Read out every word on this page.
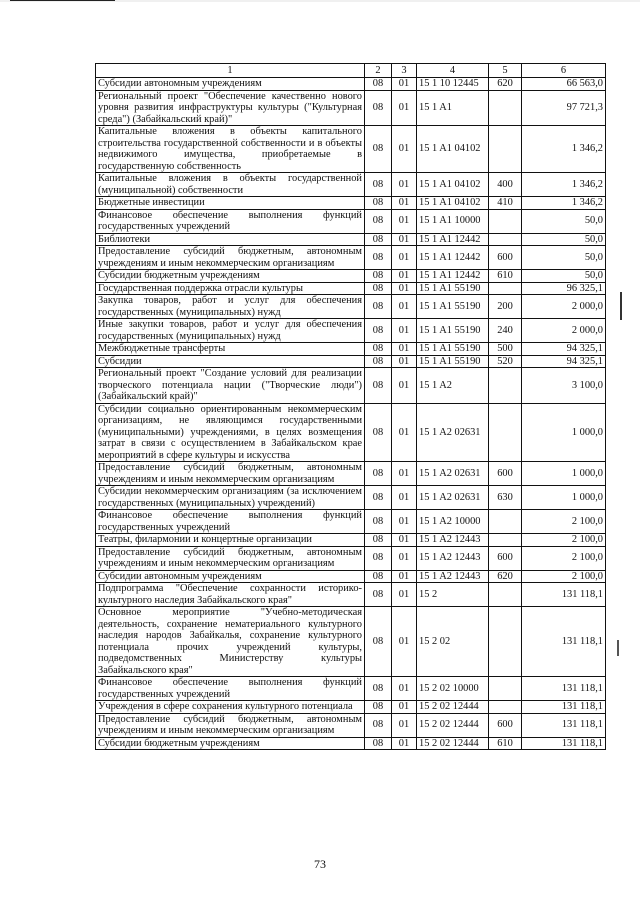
1	2	3	4	5	6
Субсидии автономным учреждениям	08	01	15 1 10 12445	620	66 563,0
Региональный проект "Обеспечение качественно нового уровня развития инфраструктуры культуры ("Культурная среда") (Забайкальский край)"	08	01	15 1 A1		97 721,3
Капитальные вложения в объекты капитального строительства государственной собственности и в объекты недвижимого имущества, приобретаемые в государственную собственность	08	01	15 1 A1 04102		1 346,2
Капитальные вложения в объекты государственной (муниципальной) собственности	08	01	15 1 A1 04102	400	1 346,2
Бюджетные инвестиции	08	01	15 1 A1 04102	410	1 346,2
Финансовое обеспечение выполнения функций государственных учреждений	08	01	15 1 A1 10000		50,0
Библиотеки	08	01	15 1 A1 12442		50,0
Предоставление субсидий бюджетным, автономным учреждениям и иным некоммерческим организациям	08	01	15 1 A1 12442	600	50,0
Субсидии бюджетным учреждениям	08	01	15 1 A1 12442	610	50,0
Государственная поддержка отрасли культуры	08	01	15 1 A1 55190		96 325,1
Закупка товаров, работ и услуг для обеспечения государственных (муниципальных) нужд	08	01	15 1 A1 55190	200	2 000,0
Иные закупки товаров, работ и услуг для обеспечения государственных (муниципальных) нужд	08	01	15 1 A1 55190	240	2 000,0
Межбюджетные трансферты	08	01	15 1 A1 55190	500	94 325,1
Субсидии	08	01	15 1 A1 55190	520	94 325,1
Региональный проект "Создание условий для реализации творческого потенциала нации ("Творческие люди") (Забайкальский край)"	08	01	15 1 A2		3 100,0
Субсидии социально ориентированным некоммерческим организациям, не являющимся государственными (муниципальными) учреждениями, в целях возмещения затрат в связи с осуществлением в Забайкальском крае мероприятий в сфере культуры и искусства	08	01	15 1 A2 02631		1 000,0
Предоставление субсидий бюджетным, автономным учреждениям и иным некоммерческим организациям	08	01	15 1 A2 02631	600	1 000,0
Субсидии некоммерческим организациям (за исключением государственных (муниципальных) учреждений)	08	01	15 1 A2 02631	630	1 000,0
Финансовое обеспечение выполнения функций государственных учреждений	08	01	15 1 A2 10000		2 100,0
Театры, филармонии и концертные организации	08	01	15 1 A2 12443		2 100,0
Предоставление субсидий бюджетным, автономным учреждениям и иным некоммерческим организациям	08	01	15 1 A2 12443	600	2 100,0
Субсидии автономным учреждениям	08	01	15 1 A2 12443	620	2 100,0
Подпрограмма "Обеспечение сохранности историко-культурного наследия Забайкальского края"	08	01	15 2		131 118,1
Основное мероприятие "Учебно-методическая деятельность, сохранение нематериального культурного наследия народов Забайкалья, сохранение культурного потенциала прочих учреждений культуры, подведомственных Министерству культуры Забайкальского края"	08	01	15 2 02		131 118,1
Финансовое обеспечение выполнения функций государственных учреждений	08	01	15 2 02 10000		131 118,1
Учреждения в сфере сохранения культурного потенциала	08	01	15 2 02 12444		131 118,1
Предоставление субсидий бюджетным, автономным учреждениям и иным некоммерческим организациям	08	01	15 2 02 12444	600	131 118,1
Субсидии бюджетным учреждениям	08	01	15 2 02 12444	610	131 118,1
73
